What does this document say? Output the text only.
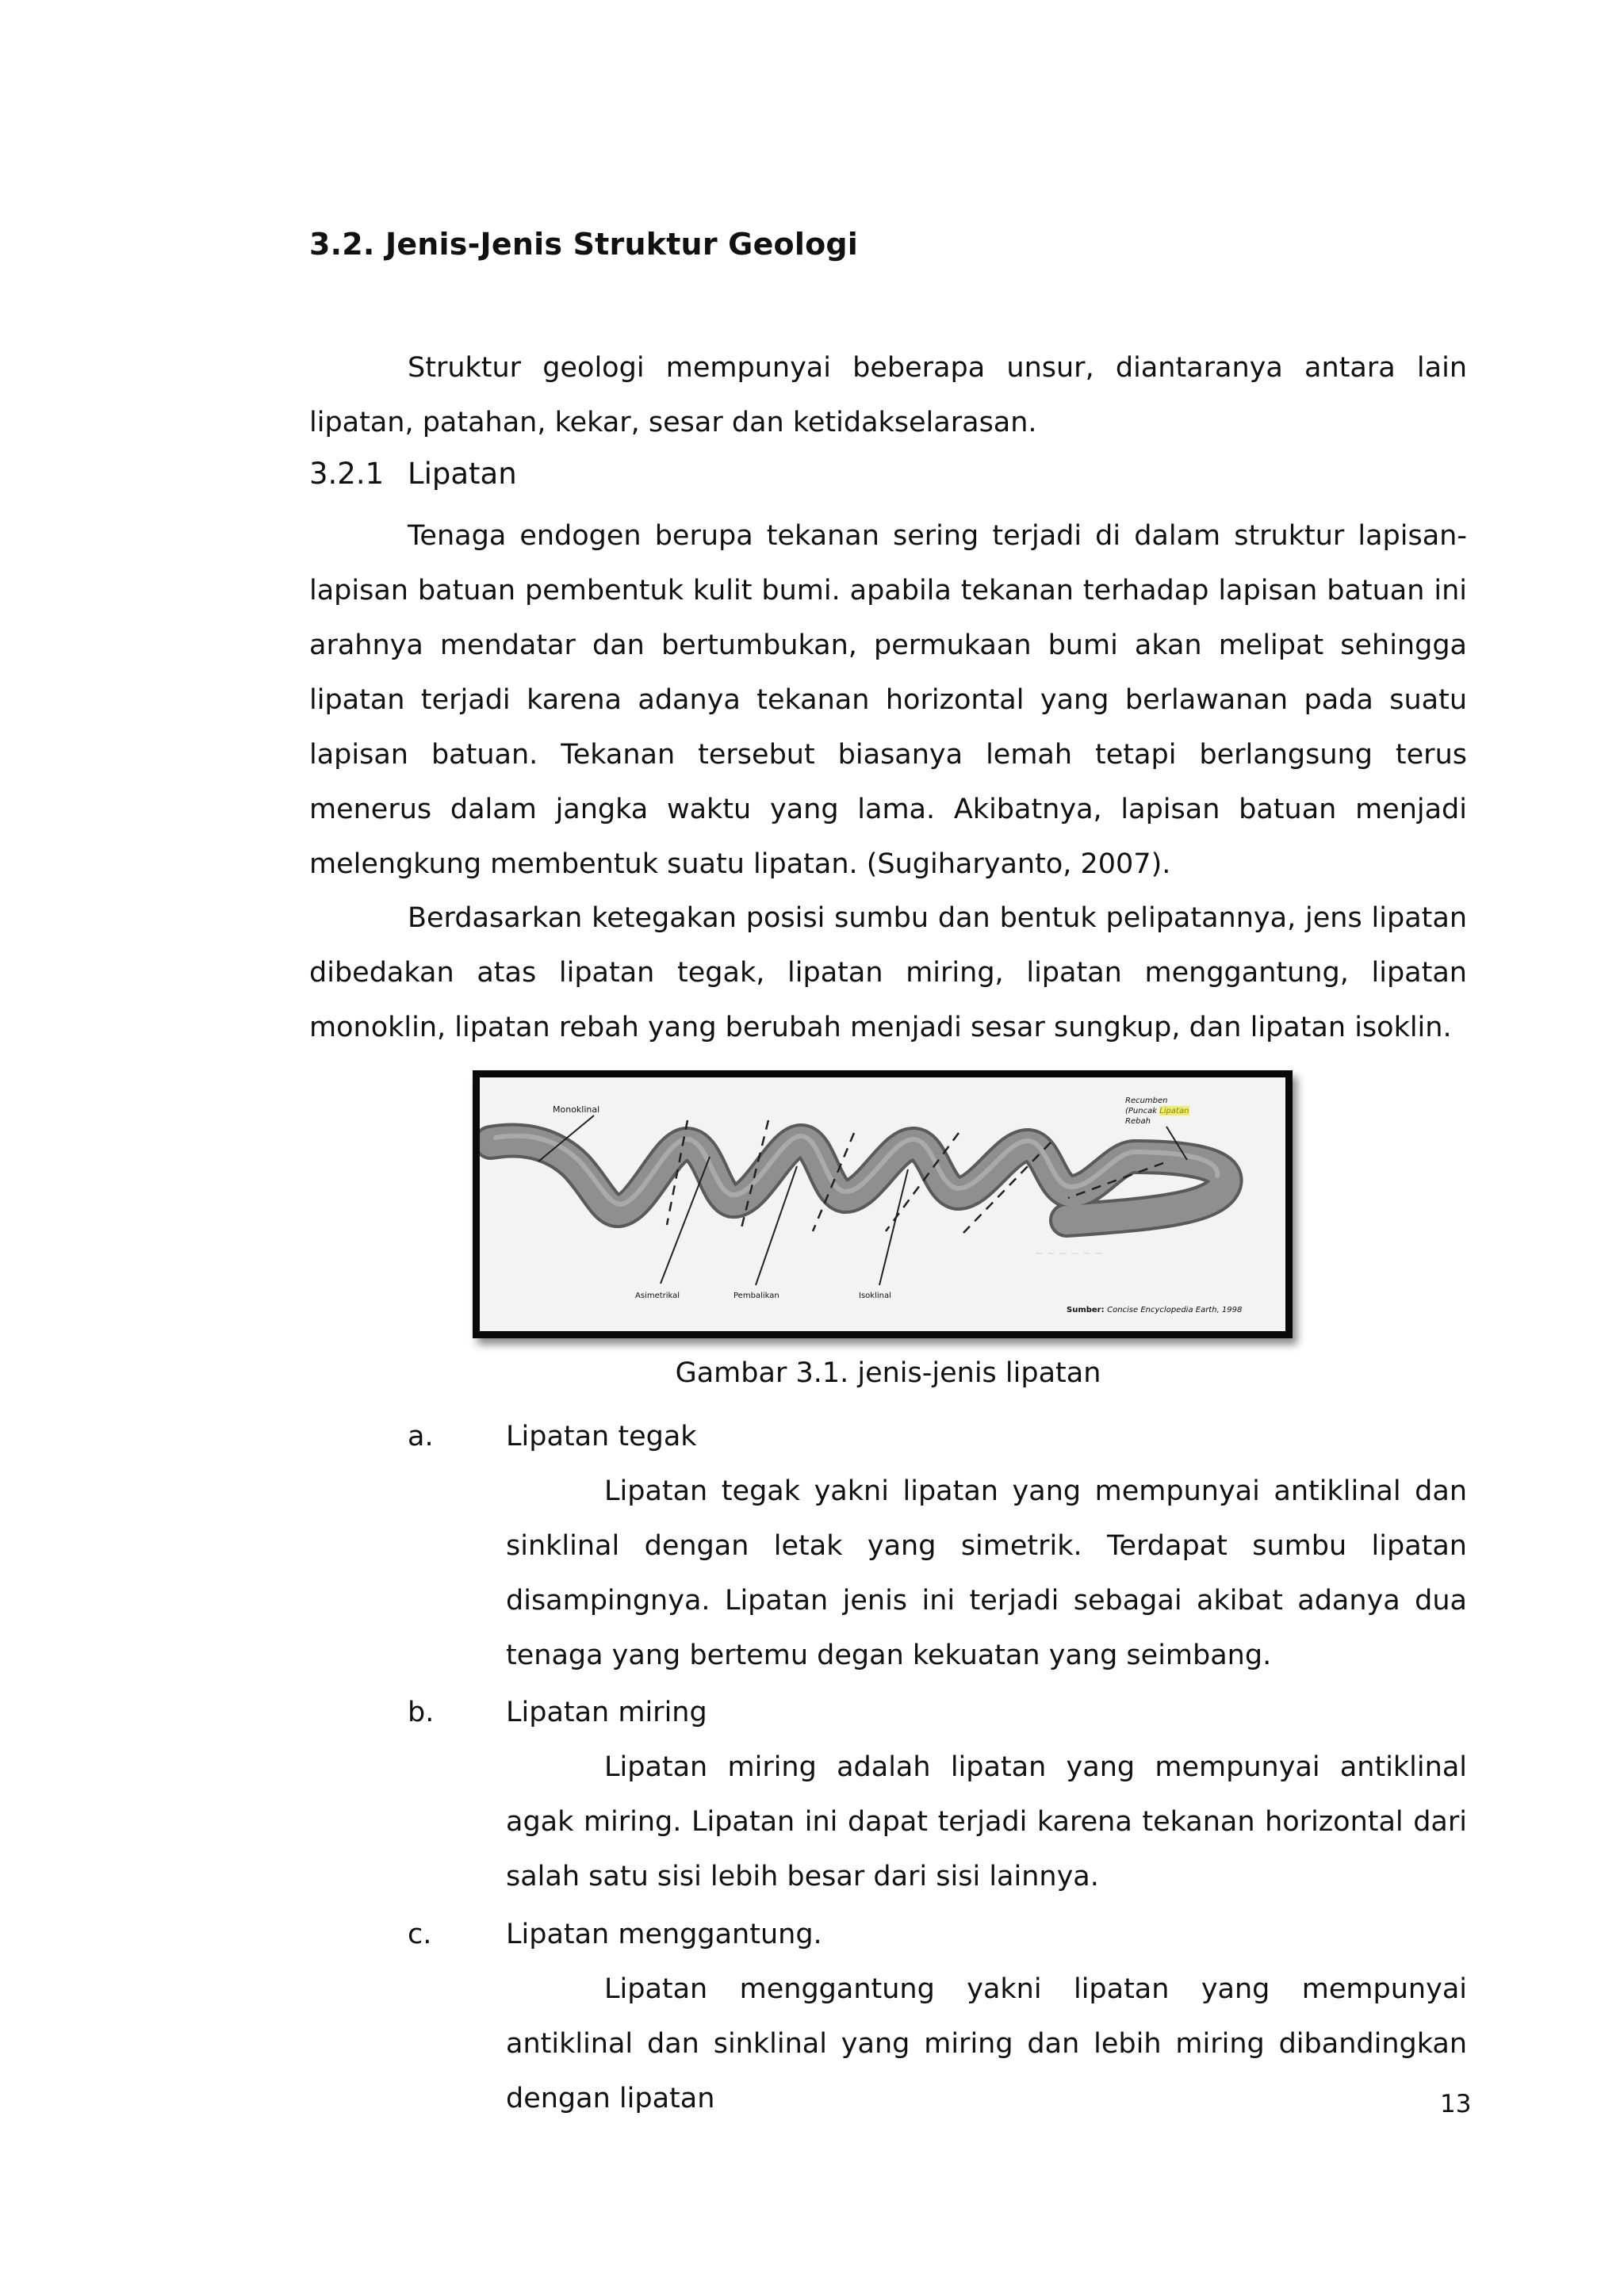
3.2. Jenis-Jenis Struktur Geologi
Struktur geologi mempunyai beberapa unsur, diantaranya antara lain lipatan, patahan, kekar, sesar dan ketidakselarasan.
3.2.1 Lipatan
Tenaga endogen berupa tekanan sering terjadi di dalam struktur lapisan-lapisan batuan pembentuk kulit bumi. apabila tekanan terhadap lapisan batuan ini arahnya mendatar dan bertumbukan, permukaan bumi akan melipat sehingga lipatan terjadi karena adanya tekanan horizontal yang berlawanan pada suatu lapisan batuan. Tekanan tersebut biasanya lemah tetapi berlangsung terus menerus dalam jangka waktu yang lama. Akibatnya, lapisan batuan menjadi melengkung membentuk suatu lipatan. (Sugiharyanto, 2007).
Berdasarkan ketegakan posisi sumbu dan bentuk pelipatannya, jens lipatan dibedakan atas lipatan tegak, lipatan miring, lipatan menggantung, lipatan monoklin, lipatan rebah yang berubah menjadi sesar sungkup, dan lipatan isoklin.
~ ~ ~ ~ ~ ~
Monoklinal
Recumben
(Puncak
Rebah
Asimetrikal	Pembalikan	Isoklinal
Sumber: Concise Encyclopedia Earth, 1998
Gambar 3.1. jenis-jenis lipatan
a.	Lipatan tegak
Lipatan tegak yakni lipatan yang mempunyai antiklinal dan sinklinal dengan letak yang simetrik. Terdapat sumbu lipatan disampingnya. Lipatan jenis ini terjadi sebagai akibat adanya dua tenaga yang bertemu degan kekuatan yang seimbang.
b.	Lipatan miring
Lipatan miring adalah lipatan yang mempunyai antiklinal agak miring. Lipatan ini dapat terjadi karena tekanan horizontal dari salah satu sisi lebih besar dari sisi lainnya.
c.	Lipatan menggantung.
Lipatan menggantung yakni lipatan yang mempunyai antiklinal dan sinklinal yang miring dan lebih miring dibandingkan dengan lipatan	13
